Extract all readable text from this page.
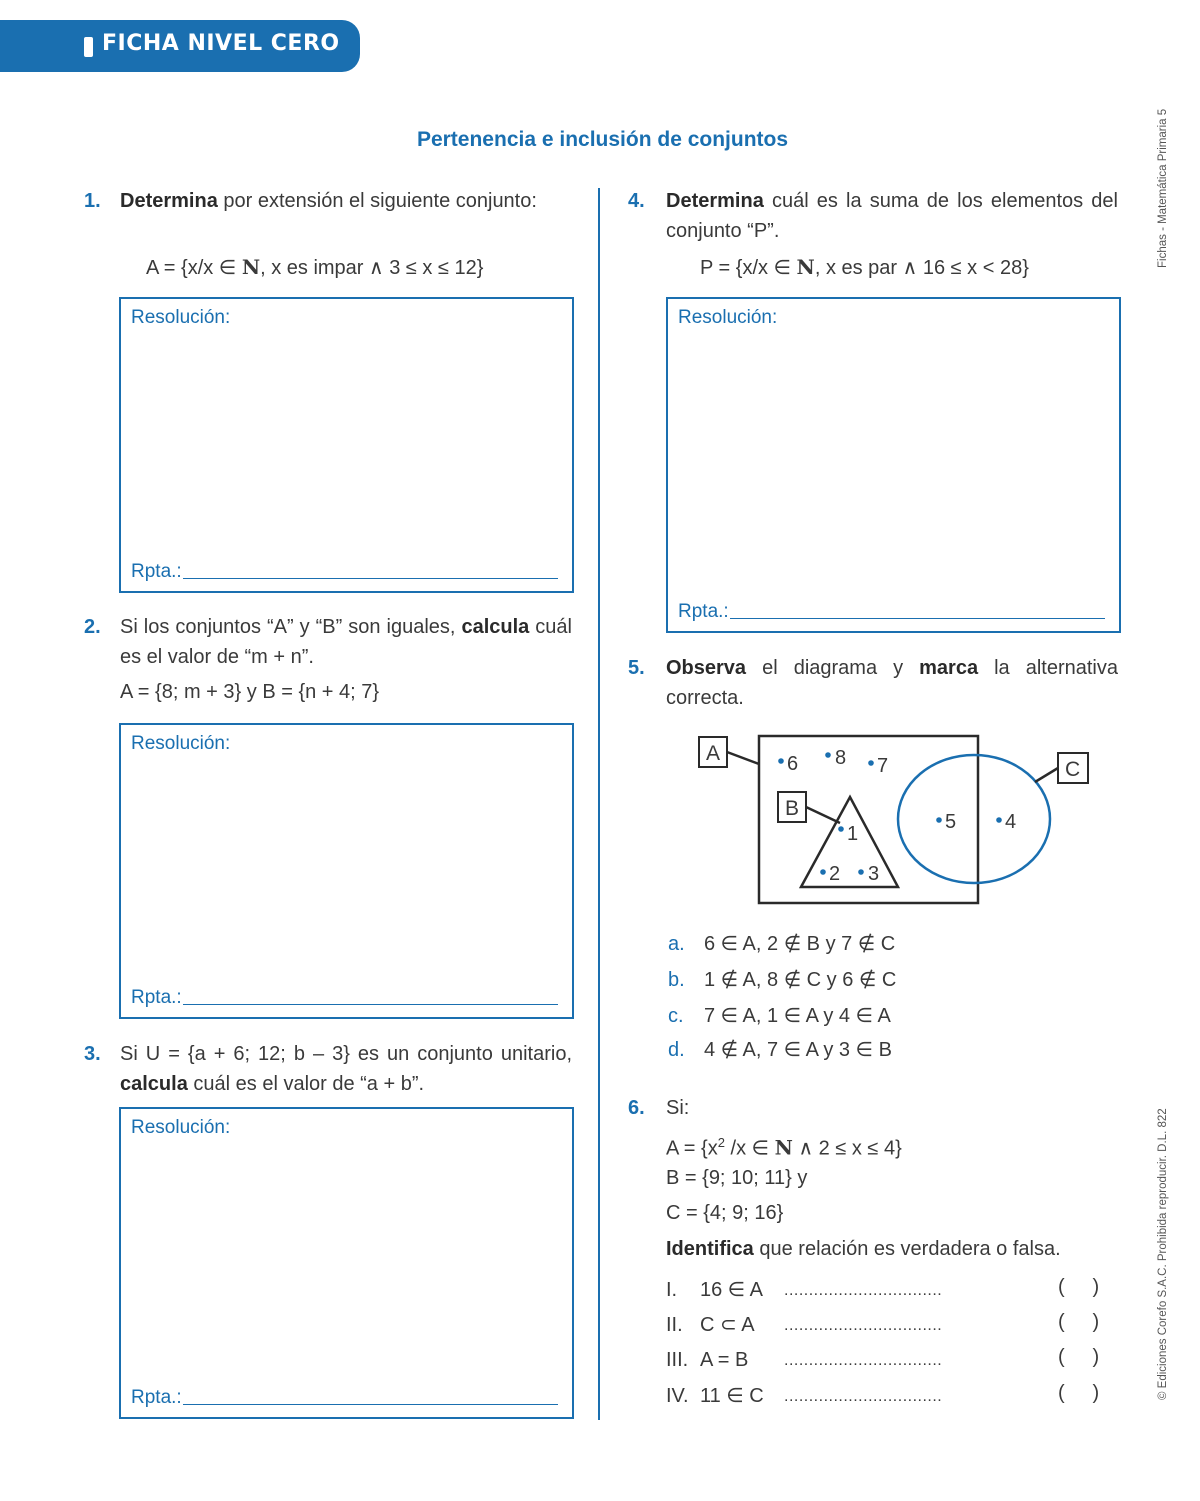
FICHA NIVEL CERO
Fichas - Matemática Primaria 5
© Ediciones Corefo S.A.C. Prohibida reproducir. D.L. 822
Pertenencia e inclusión de conjuntos
1. Determina por extensión el siguiente conjunto:
A = {x/x ∈ N, x es impar ∧ 3 ≤ x ≤ 12}
Resolución:
Rpta.:
2. Si los conjuntos “A” y “B” son iguales, calcula cuál es el valor de “m + n”.
A = {8; m + 3} y B = {n + 4; 7}
Resolución:
Rpta.:
3. Si U = {a + 6; 12; b – 3} es un conjunto unitario, calcula cuál es el valor de “a + b”.
Resolución:
Rpta.:
4. Determina cuál es la suma de los elementos del conjunto “P”.
P = {x/x ∈ N, x es par ∧ 16 ≤ x < 28}
Resolución:
Rpta.:
5. Observa el diagrama y marca la alternativa correcta.
A
B
C
6 8 7
1
2 3
5 4
a. 6 ∈ A, 2 ∉ B y 7 ∉ C
b. 1 ∉ A, 8 ∉ C y 6 ∉ C
c. 7 ∈ A, 1 ∈ A y 4 ∈ A
d. 4 ∉ A, 7 ∈ A y 3 ∈ B
6. Si:
$A = \{x^2$ /x ∈ N ∧ 2 ≤ x ≤ 4}
B = {9; 10; 11} y
C = {4; 9; 16}
Identifica que relación es verdadera o falsa.
I. 16 ∈ A ................................	(     )
II. C ⊂ A ................................	(     )
III. A = B ................................	(     )
IV. 11 ∈ C ................................	(     )
